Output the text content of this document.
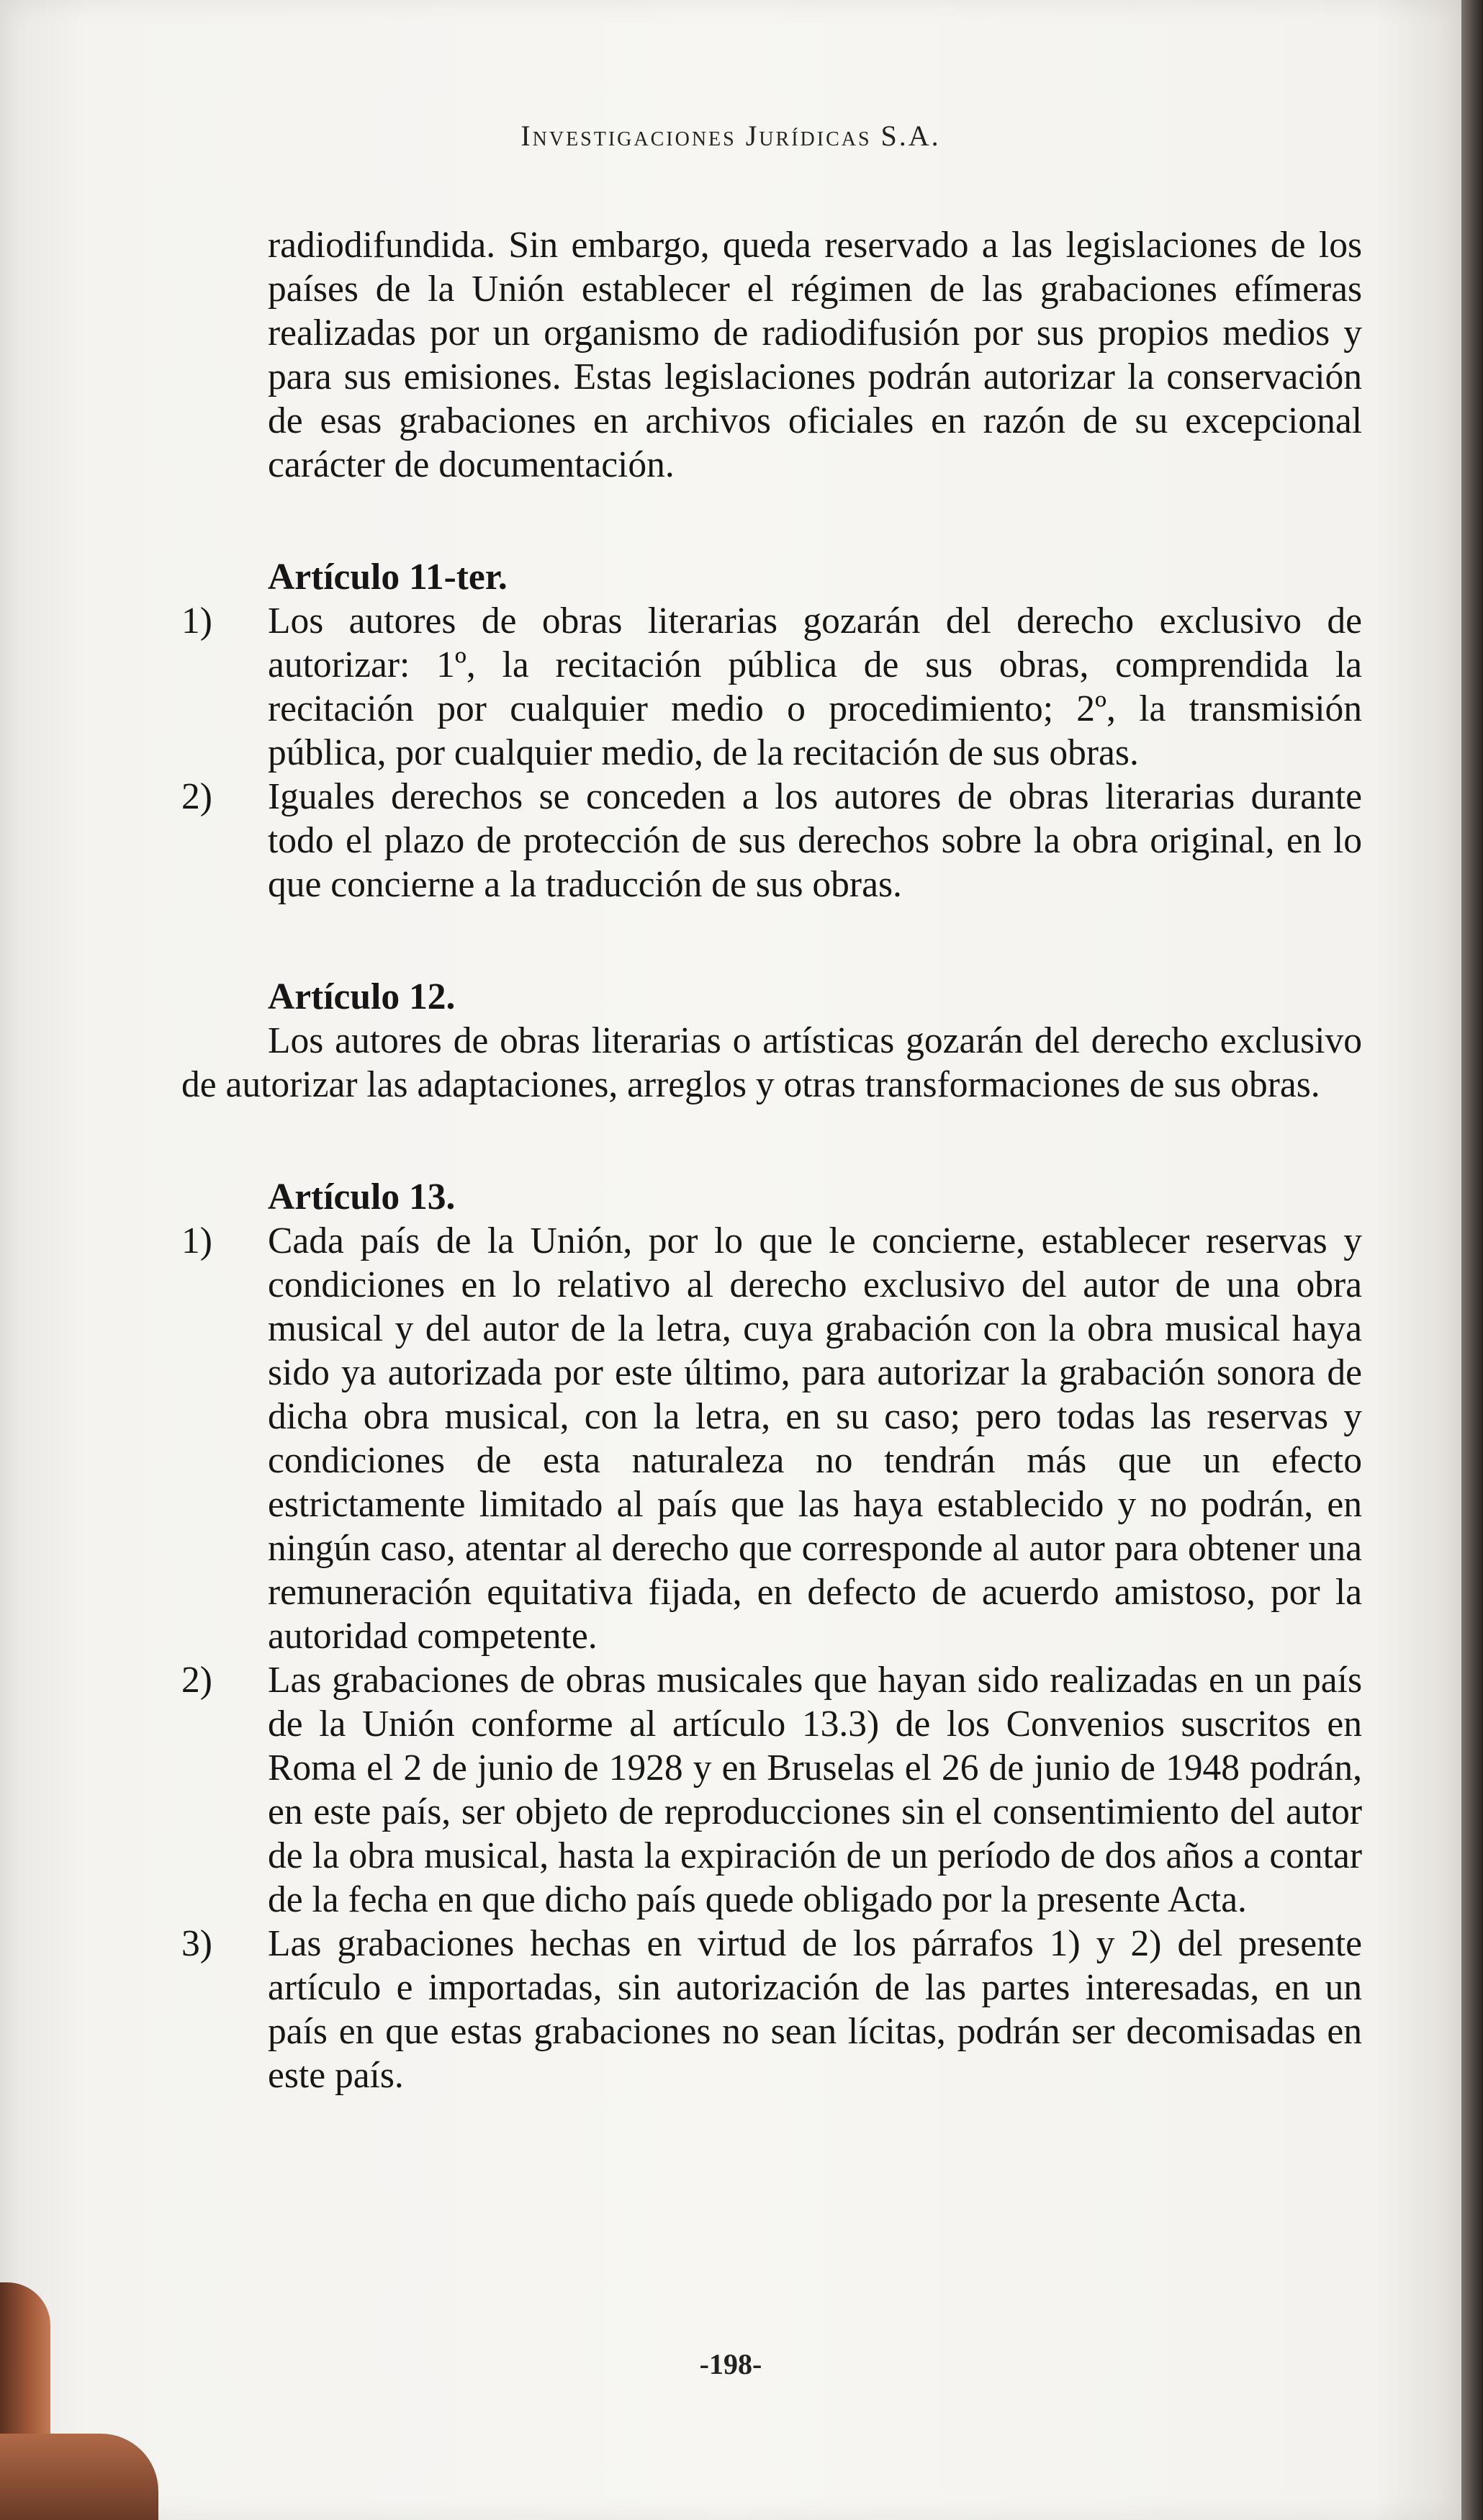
Investigaciones Jurídicas S.A.

radiodifundida. Sin embargo, queda reservado a las legislaciones de los países de la Unión establecer el régimen de las grabaciones efímeras realizadas por un organismo de radiodifusión por sus propios medios y para sus emisiones. Estas legislaciones podrán autorizar la conservación de esas grabaciones en archivos oficiales en razón de su excepcional carácter de documentación.

Artículo 11-ter.

1) Los autores de obras literarias gozarán del derecho exclusivo de autorizar: 1º, la recitación pública de sus obras, comprendida la recitación por cualquier medio o procedimiento; 2º, la transmisión pública, por cualquier medio, de la recitación de sus obras.
2) Iguales derechos se conceden a los autores de obras literarias durante todo el plazo de protección de sus derechos sobre la obra original, en lo que concierne a la traducción de sus obras.

Artículo 12.

Los autores de obras literarias o artísticas gozarán del derecho exclusivo de autorizar las adaptaciones, arreglos y otras transformaciones de sus obras.

Artículo 13.

1) Cada país de la Unión, por lo que le concierne, establecer reservas y condiciones en lo relativo al derecho exclusivo del autor de una obra musical y del autor de la letra, cuya grabación con la obra musical haya sido ya autorizada por este último, para autorizar la grabación sonora de dicha obra musical, con la letra, en su caso; pero todas las reservas y condiciones de esta naturaleza no tendrán más que un efecto estrictamente limitado al país que las haya establecido y no podrán, en ningún caso, atentar al derecho que corresponde al autor para obtener una remuneración equitativa fijada, en defecto de acuerdo amistoso, por la autoridad competente.
2) Las grabaciones de obras musicales que hayan sido realizadas en un país de la Unión conforme al artículo 13.3) de los Convenios suscritos en Roma el 2 de junio de 1928 y en Bruselas el 26 de junio de 1948 podrán, en este país, ser objeto de reproducciones sin el consentimiento del autor de la obra musical, hasta la expiración de un período de dos años a contar de la fecha en que dicho país quede obligado por la presente Acta.
3) Las grabaciones hechas en virtud de los párrafos 1) y 2) del presente artículo e importadas, sin autorización de las partes interesadas, en un país en que estas grabaciones no sean lícitas, podrán ser decomisadas en este país.
-198-
